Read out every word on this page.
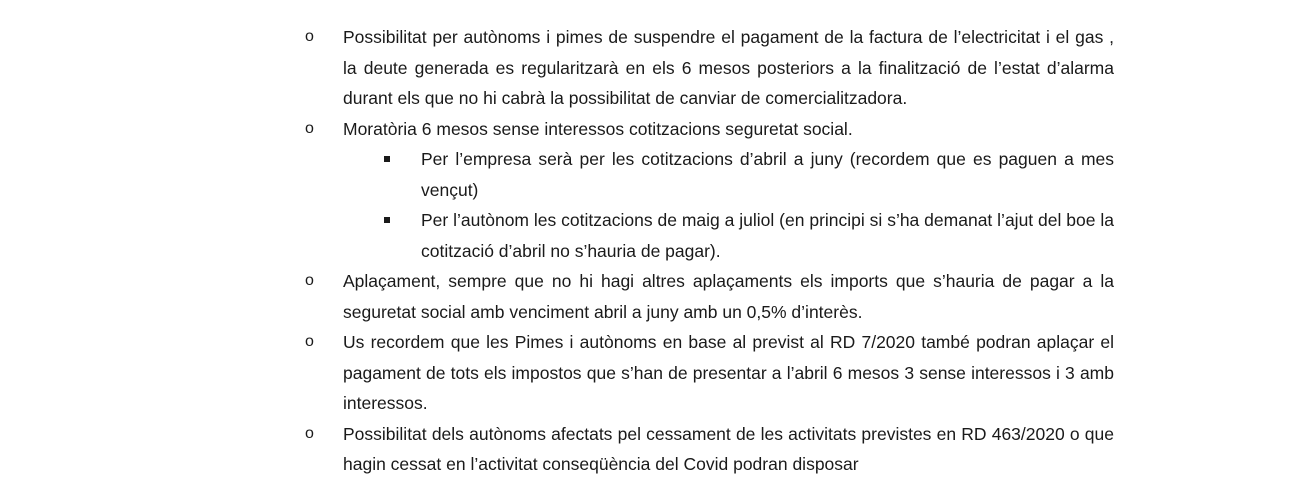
o Possibilitat per autònoms i pimes de suspendre el pagament de la factura de l’electricitat i el gas , la deute generada es regularitzarà en els 6 mesos posteriors a la finalització de l’estat d’alarma durant els que no hi cabrà la possibilitat de canviar de comercialitzadora.
o Moratòria 6 mesos sense interessos cotitzacions seguretat social.
Per l’empresa serà per les cotitzacions d’abril a juny (recordem que es paguen a mes vençut)
Per l’autònom les cotitzacions de maig a juliol (en principi si s’ha demanat l’ajut del boe la cotització d’abril no s’hauria de pagar).
o Aplaçament, sempre que no hi hagi altres aplaçaments els imports que s’hauria de pagar a la seguretat social amb venciment abril a juny amb un 0,5% d’interès.
o Us recordem que les Pimes i autònoms en base al previst al RD 7/2020 també podran aplaçar el pagament de tots els impostos que s’han de presentar a l’abril 6 mesos 3 sense interessos i 3 amb interessos.
o Possibilitat dels autònoms afectats pel cessament de les activitats previstes en RD 463/2020 o que hagin cessat en l’activitat conseqüència del Covid podran disposar
